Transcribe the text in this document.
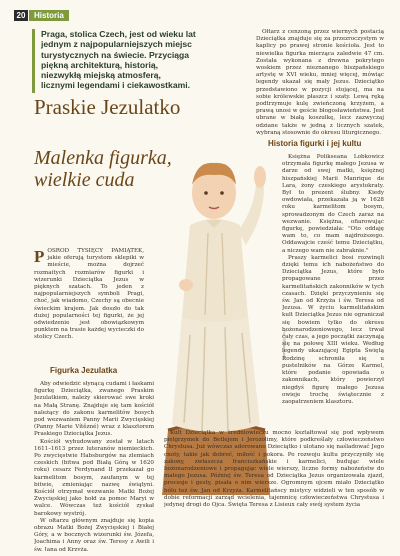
20	Historia
Praga, stolica Czech, jest od wieku lat jednym z najpopularniejszych miejsc turystycznych na świecie. Przyciąga piękną architekturą, historią, niezwykłą miejską atmosferą, licznymi legendami i ciekawostkami.
Praskie Jezulatko
Malenka figurka, wielkie cuda
Fot. Shutterstock
P OŚRÓD TYSIĘCY PAMIĄTEK, jakie oferują turystom sklepiki w mieście, można dojrzeć rozmaitych rozmiarów figurki i wizerunki Dzieciątka Jezus w pięknych szatach. To jeden z najpopularniejszych symboli Pragi, choć, jak wiadomo, Czechy są obecnie świeckim krajem. Jak doszło do tak dużej popularności tej figurki, że jej odwiedzenie jest obowiązkowym punktem na trasie każdej wycieczki do stolicy Czech.
Figurka Jezulatka

Aby odwiedzić słynącą cudami i łaskami figurkę Dzieciątka, zwanego Praskim Jezulatkiem, należy skierować swe kroki na Małą Stranę. Znajduje się tam kościół należący do zakonu karmelitów bosych pod wezwaniem Panny Marii Zwycięskiej (Panny Marie Vítězné) wraz z klasztorem Praskiego Dzieciątka Jezus.

Kościół wybudowany został w latach 1611–1613 przez luteranów niemieckich. Po zwycięstwie Habsburgów na zlemiach czeskich (bitwa pod Białą Górą w 1620 roku) cesarz Ferdynand II przekazał go karmelitom bosym, zaufanym w tej bitwie, zmieniając nazwę świątyni. Kościół otrzymał wezwanie Matki Bożej Zwycięskiej jako hołd za pomoc Maryi w walce. Wówczas też kościół zyskał barokowy wystrój.

W ołtarzu głównym znajduje się kopia obrazu Matki Bożej Zwycięskiej i Białej Góry, a w bocznych wizerunki św. Józefa, Joachima i Anny oraz św. Teresy z Awili i św. Jana od Krzyża.

Ołtarz z cenzoną przez wiernych postacią Dzieciątka znajduje się za przezroczystym w kaplicy po prawej stronie kościoła. Jest to niewielka figurka mierząca zaledwie 47 cm. Została wykonana z drewna pokrytego woskiem przez nieznanego hiszpańskiego artystę w XVI wieku, mniej więcej, mówiąc legendy ukazał się mały Jezus. Dzieciątko przedstawiono w pozycji stojącej, ma na sobie królewskie płaszcz i szaty. Lewą ręką podtrzymuje kulę zwieńczoną krzyżem, a prawą unosi w geście błogosławieństwa. Jest ubrane w białą koszulkę, lecz zazwyczaj odziane także w jedną z licznych szatek, wybraną stosownie do okresu liturgicznego.

Historia figurki i jej kultu

Księżna Polikseana Lobkowicz otrzymała figurkę małego Jezusa w darze od swej matki, księżnej hiszpańskiej Marii Manrique de Lara, żony czeskiego arystokraty. Był to prezent ślubny. Kiedy owdowiała, przekazała ją w 1628 roku karmelitom bosym, sprowadzonym do Czech zaraz na wezwanie. Księżna, ofiarowując figurkę, powiedziała: "Oto oddaję wam to, co mam najdroższego. Oddawajcie cześć temu Dzieciątku, a niczego wam nie zabraknie."

Praszy karmelici bosi rozwinęli dzięki temu ich nabożeństwo do Dzieciątka Jezus, które było propagowane przez karmelitańskich zakonników w tych czasach. Dzięki przyczynieniu się św. Jan od Krzyża i św. Teresa od Jezusa. W życiu karmelitańskim kult Dzieciątka Jezus nie ograniczał się bowiem tylko do okresu bożonarodzeniowego, lecz trwał cały czas, a jego początki zaczynają się na połowę XIII wieku. Według legendy ukazującej Egipta Świętą Rodzinę schroniła się u pustelników na Górze Karmel, które podanie opowiada o zakonnikach, który powierzył niegdyś figurę małego Jezusa owieje trochę świątecznie z zaopatrzeniem klasztoru.

Kult Dzieciątka w średniowieczu mocno kształtował się pod wpływem pielgrzymek do Betlejem i Jerozolimy, które podkreślały człowieczeństwo Chrystusa. Już wówczas adorowano Dzieciątko i ulotano się naśladować Jego cnoty, takie jak dobroć, miłość i pokora. Po rozwoju kultu przyczyniły się zakony, zwłaszcza franciszkańskie i karmelici, budując wiele bożonarodzeniowe i propagując wiele wierszy, liczne formy nabożeństw do małego Jezusa. Później św. Teresa od Dzieciątka Jezus organizowała zjazd, procesje i gesty, pisała o nim wiersze. Ogromnym ojcem miało Dzieciątko bólu też św. Jan od Krzyża. Karmelitańscy mistycy widzieli w ten sposób w dobie reformacji zarząd wcielenia, tajemnicę człowieczeństwa Chrystusa i jedynej drogi do Ojca. Święta Teresa z Lisieux cały swój system życia
